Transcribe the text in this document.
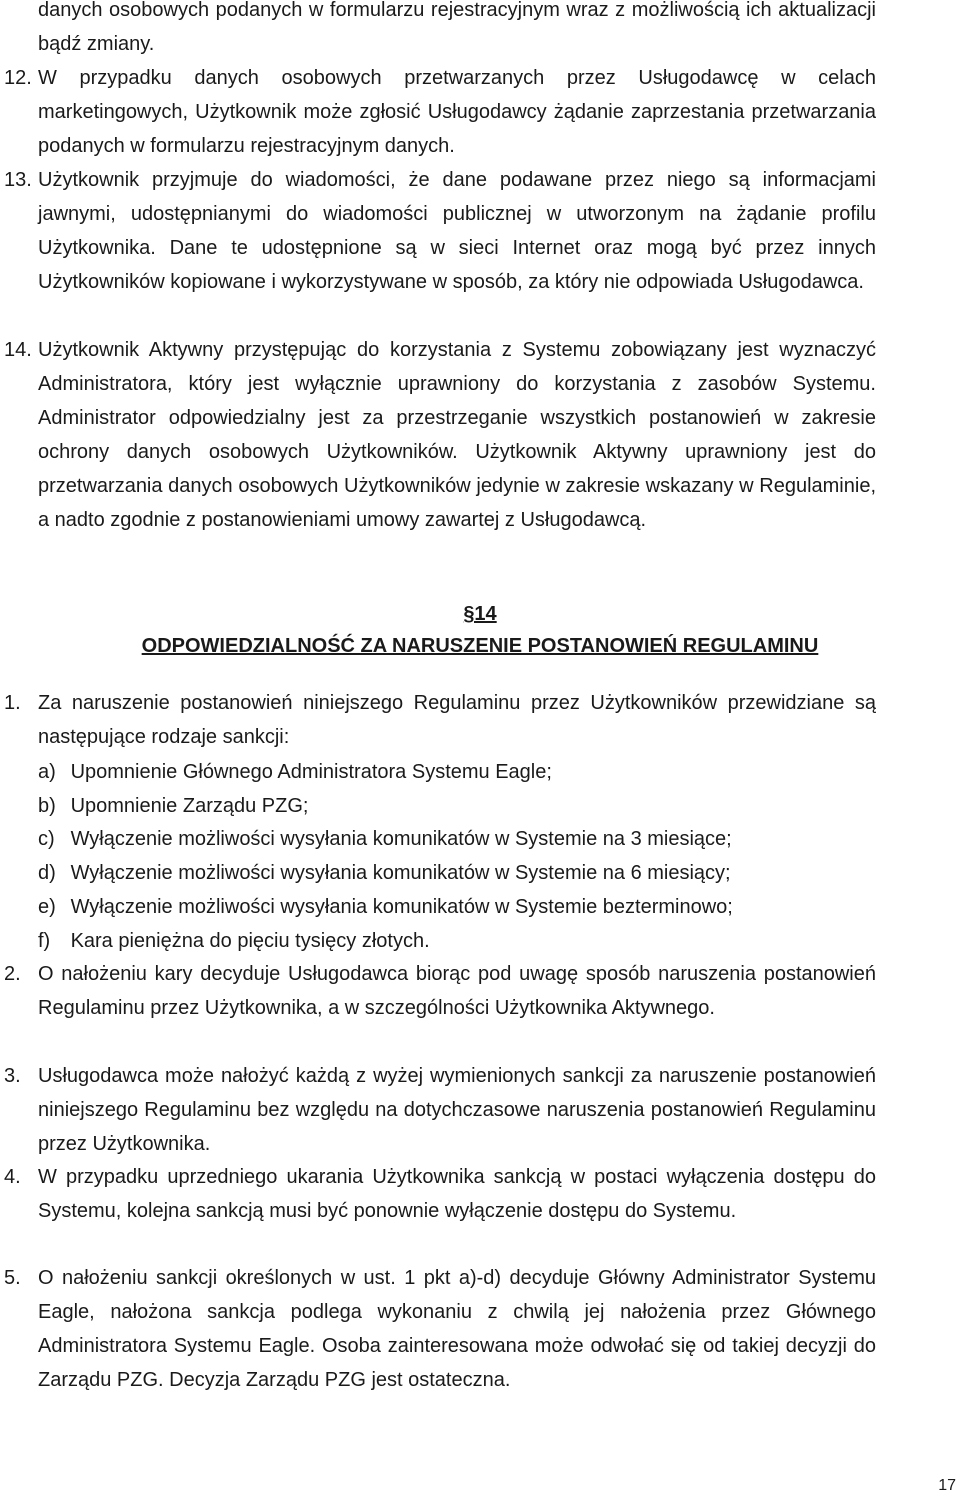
danych osobowych podanych w formularzu rejestracyjnym wraz z możliwością ich aktualizacji bądź zmiany.
12. W przypadku danych osobowych przetwarzanych przez Usługodawcę w celach marketingowych, Użytkownik może zgłosić Usługodawcy żądanie zaprzestania przetwarzania podanych w formularzu rejestracyjnym danych.
13. Użytkownik przyjmuje do wiadomości, że dane podawane przez niego są informacjami jawnymi, udostępnianymi do wiadomości publicznej w utworzonym na żądanie profilu Użytkownika. Dane te udostępnione są w sieci Internet oraz mogą być przez innych Użytkowników kopiowane i wykorzystywane w sposób, za który nie odpowiada Usługodawca.
14. Użytkownik Aktywny przystępując do korzystania z Systemu zobowiązany jest wyznaczyć Administratora, który jest wyłącznie uprawniony do korzystania z zasobów Systemu. Administrator odpowiedzialny jest za przestrzeganie wszystkich postanowień w zakresie ochrony danych osobowych Użytkowników. Użytkownik Aktywny uprawniony jest do przetwarzania danych osobowych Użytkowników jedynie w zakresie wskazany w Regulaminie, a nadto zgodnie z postanowieniami umowy zawartej z Usługodawcą.
§14
ODPOWIEDZIALNOŚĆ ZA NARUSZENIE POSTANOWIEŃ REGULAMINU
1. Za naruszenie postanowień niniejszego Regulaminu przez Użytkowników przewidziane są następujące rodzaje sankcji:
a) Upomnienie Głównego Administratora Systemu Eagle;
b) Upomnienie Zarządu PZG;
c) Wyłączenie możliwości wysyłania komunikatów w Systemie na 3 miesiące;
d) Wyłączenie możliwości wysyłania komunikatów w Systemie na 6 miesiący;
e) Wyłączenie możliwości wysyłania komunikatów w Systemie bezterminowo;
f) Kara pieniężna do pięciu tysięcy złotych.
2. O nałożeniu kary decyduje Usługodawca biorąc pod uwagę sposób naruszenia postanowień Regulaminu przez Użytkownika, a w szczególności Użytkownika Aktywnego.
3. Usługodawca może nałożyć każdą z wyżej wymienionych sankcji za naruszenie postanowień niniejszego Regulaminu bez względu na dotychczasowe naruszenia postanowień Regulaminu przez Użytkownika.
4. W przypadku uprzedniego ukarania Użytkownika sankcją w postaci wyłączenia dostępu do Systemu, kolejna sankcją musi być ponownie wyłączenie dostępu do Systemu.
5. O nałożeniu sankcji określonych w ust. 1 pkt a)-d) decyduje Główny Administrator Systemu Eagle, nałożona sankcja podlega wykonaniu z chwilą jej nałożenia przez Głównego Administratora Systemu Eagle. Osoba zainteresowana może odwołać się od takiej decyzji do Zarządu PZG. Decyzja Zarządu PZG jest ostateczna.
17
